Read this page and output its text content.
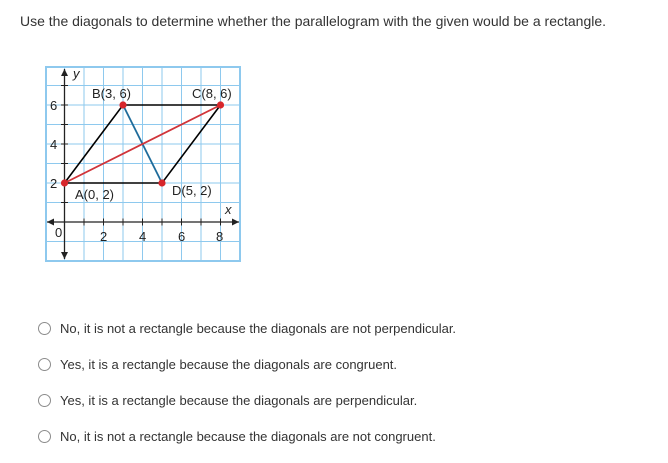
Use the diagonals to determine whether the parallelogram with the given would be a rectangle.
y
x
0	2 4 6 8
2
4
6
A(0, 2)
B(3, 6)	C(8, 6)
D(5, 2)
No, it is not a rectangle because the diagonals are not perpendicular.
Yes, it is a rectangle because the diagonals are congruent.
Yes, it is a rectangle because the diagonals are perpendicular.
No, it is not a rectangle because the diagonals are not congruent.
